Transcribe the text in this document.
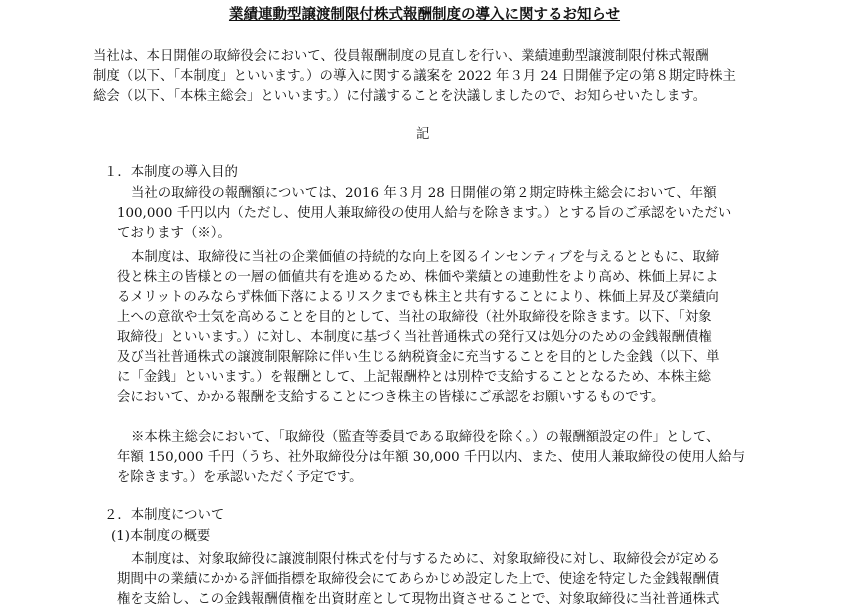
業績連動型譲渡制限付株式報酬制度の導入に関するお知らせ
当社は、本日開催の取締役会において、役員報酬制度の見直しを行い、業績連動型譲渡制限付株式報酬
制度（以下、「本制度」といいます。）の導入に関する議案を 2022 年３月 24 日開催予定の第８期定時株主
総会（以下、「本株主総会」といいます。）に付議することを決議しましたので、お知らせいたします。
記
１．本制度の導入目的
当社の取締役の報酬額については、2016 年３月 28 日開催の第２期定時株主総会において、年額
100,000 千円以内（ただし、使用人兼取締役の使用人給与を除きます。）とする旨のご承認をいただい
ております（※）。
本制度は、取締役に当社の企業価値の持続的な向上を図るインセンティブを与えるとともに、取締
役と株主の皆様との一層の価値共有を進めるため、株価や業績との連動性をより高め、株価上昇によ
るメリットのみならず株価下落によるリスクまでも株主と共有することにより、株価上昇及び業績向
上への意欲や士気を高めることを目的として、当社の取締役（社外取締役を除きます。以下、「対象
取締役」といいます。）に対し、本制度に基づく当社普通株式の発行又は処分のための金銭報酬債権
及び当社普通株式の譲渡制限解除に伴い生じる納税資金に充当することを目的とした金銭（以下、単
に「金銭」といいます。）を報酬として、上記報酬枠とは別枠で支給することとなるため、本株主総
会において、かかる報酬を支給することにつき株主の皆様にご承認をお願いするものです。
※本株主総会において、「取締役（監査等委員である取締役を除く。）の報酬額設定の件」として、
年額 150,000 千円（うち、社外取締役分は年額 30,000 千円以内、また、使用人兼取締役の使用人給与
を除きます。）を承認いただく予定です。
２．本制度について
(1)本制度の概要
本制度は、対象取締役に譲渡制限付株式を付与するために、対象取締役に対し、取締役会が定める
期間中の業績にかかる評価指標を取締役会にてあらかじめ設定した上で、使途を特定した金銭報酬債
権を支給し、この金銭報酬債権を出資財産として現物出資させることで、対象取締役に当社普通株式
